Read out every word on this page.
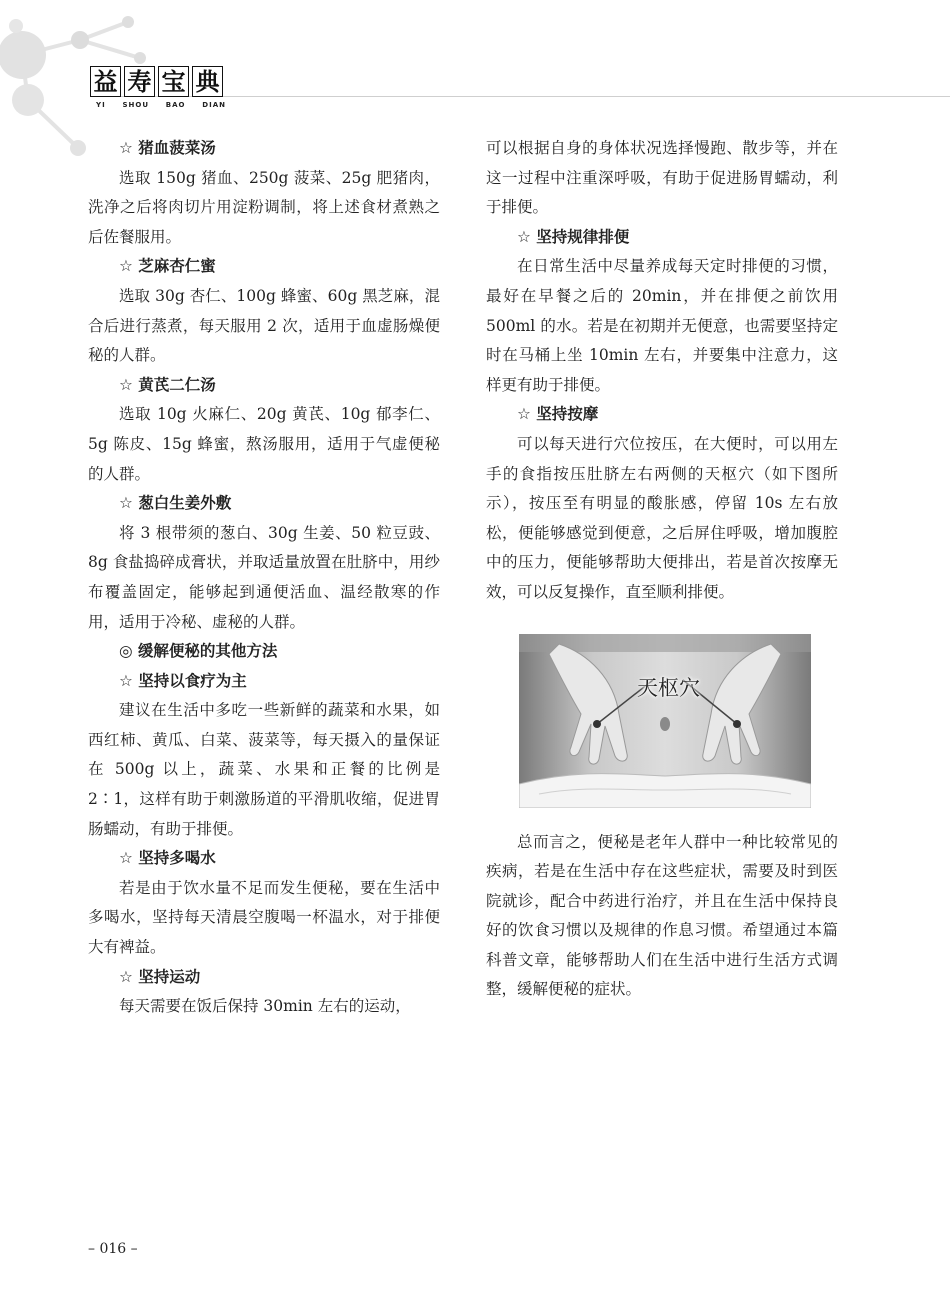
益 寿 宝 典
YI SHOU BAO DIAN
☆ 猪血菠菜汤

选取 150g 猪血、250g 菠菜、25g 肥猪肉，洗净之后将肉切片用淀粉调制，将上述食材煮熟之后佐餐服用。

☆ 芝麻杏仁蜜

选取 30g 杏仁、100g 蜂蜜、60g 黑芝麻，混合后进行蒸煮，每天服用 2 次，适用于血虚肠燥便秘的人群。

☆ 黄芪二仁汤

选取 10g 火麻仁、20g 黄芪、10g 郁李仁、5g 陈皮、15g 蜂蜜，熬汤服用，适用于气虚便秘的人群。

☆ 葱白生姜外敷

将 3 根带须的葱白、30g 生姜、50 粒豆豉、8g 食盐捣碎成膏状，并取适量放置在肚脐中，用纱布覆盖固定，能够起到通便活血、温经散寒的作用，适用于冷秘、虚秘的人群。

◎ 缓解便秘的其他方法
☆ 坚持以食疗为主

建议在生活中多吃一些新鲜的蔬菜和水果，如西红柿、黄瓜、白菜、菠菜等，每天摄入的量保证在 500g 以上，蔬菜、水果和正餐的比例是 2∶1，这样有助于刺激肠道的平滑肌收缩，促进胃肠蠕动，有助于排便。

☆ 坚持多喝水

若是由于饮水量不足而发生便秘，要在生活中多喝水，坚持每天清晨空腹喝一杯温水，对于排便大有裨益。

☆ 坚持运动

每天需要在饭后保持 30min 左右的运动，

可以根据自身的身体状况选择慢跑、散步等，并在这一过程中注重深呼吸，有助于促进肠胃蠕动，利于排便。

☆ 坚持规律排便

在日常生活中尽量养成每天定时排便的习惯，最好在早餐之后的 20min，并在排便之前饮用 500ml 的水。若是在初期并无便意，也需要坚持定时在马桶上坐 10min 左右，并要集中注意力，这样更有助于排便。

☆ 坚持按摩

可以每天进行穴位按压，在大便时，可以用左手的食指按压肚脐左右两侧的天枢穴（如下图所示），按压至有明显的酸胀感，停留 10s 左右放松，便能够感觉到便意，之后屏住呼吸，增加腹腔中的压力，便能够帮助大便排出，若是首次按摩无效，可以反复操作，直至顺利排便。

天枢穴

总而言之，便秘是老年人群中一种比较常见的疾病，若是在生活中存在这些症状，需要及时到医院就诊，配合中药进行治疗，并且在生活中保持良好的饮食习惯以及规律的作息习惯。希望通过本篇科普文章，能够帮助人们在生活中进行生活方式调整，缓解便秘的症状。

– 016 –
